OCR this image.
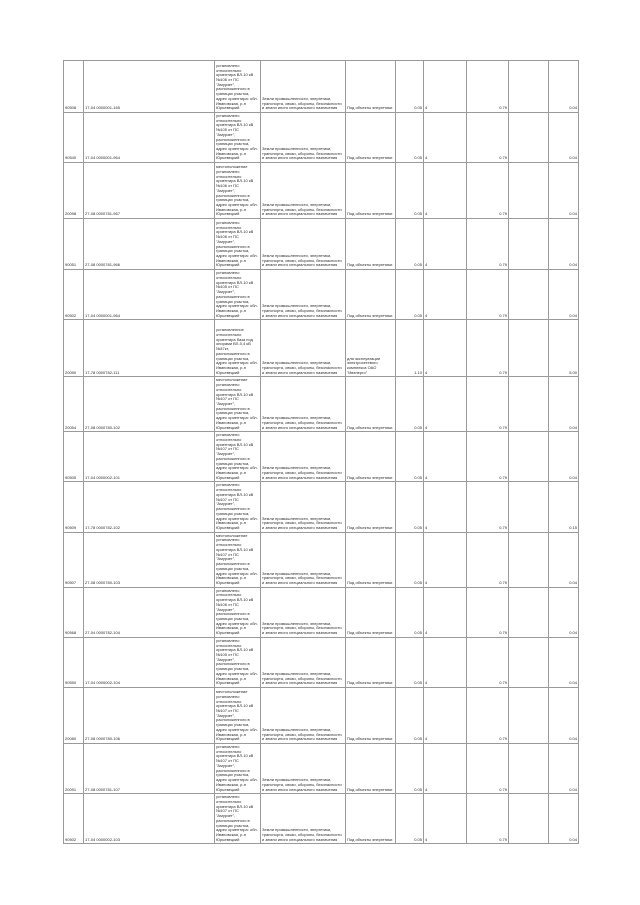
90508	17-04 0000001-165	установлено относительно ориентира ВЛ-10 кВ №106 от ПС "Амурзет", расположенного в границах участка, адрес ориентира: обл. Ивановская, р-н Юрьевецкий	Земли промышленности, энергетики, транспорта, связи, обороны, безопасности и земли иного специального назначения	Под объекты энергетики	0.05	4	0.79		0.04
90540	17-04 0000001-964	установлено относительно ориентира ВЛ-10 кВ №105 от ПС "Амурзет", расположенного в границах участка, адрес ориентира: обл. Ивановская, р-н Юрьевецкий	Земли промышленности, энергетики, транспорта, связи, обороны, безопасности и земли иного специального назначения	Под объекты энергетики	0.05	4	0.79		0.04
20098	27-08 0000781-967	местоположение установлено относительно ориентира ВЛ-10 кВ №106 от ПС "Амурзет", расположенного в границах участка, адрес ориентира: обл. Ивановская, р-н Юрьевецкий	Земли промышленности, энергетики, транспорта, связи, обороны, безопасности и земли иного специального назначения	Под объекты энергетики	0.05	4	0.79		0.04
90051	27-08 0000781-966	установлено относительно ориентира ВЛ-10 кВ №106 от ПС "Амурзет", расположенного в границах участка, адрес ориентира: обл. Ивановская, р-н Юрьевецкий	Земли промышленности, энергетики, транспорта, связи, обороны, безопасности и земли иного специального назначения	Под объекты энергетики	0.05	4	0.79		0.04
90502	17-04 0000001-964	установлено относительно ориентира ВЛ-10 кВ №105 от ПС "Амурзет", расположенного в границах участка, адрес ориентира: обл. Ивановская, р-н Юрьевецкий	Земли промышленности, энергетики, транспорта, связи, обороны, безопасности и земли иного специального назначения	Под объекты энергетики	0.05	4	0.79		0.04
20090	17-78 0000782-111	установленное относительно ориентира база под опорами ВЛ-0,4 кВ №37кт, расположенного в границах участка, адрес ориентира: обл. Ивановская, р-н Юрьевецкий	Земли промышленности, энергетики, транспорта, связи, обороны, безопасности и земли иного специального назначения	для эксплуатации электросетевого комплекса ОАО "Ивэнерго"	1.10	4	0.79		5.00
20054	27-08 0000780-102	местоположение установлено относительно ориентира ВЛ-10 кВ №107 от ПС "Амурзет", расположенного в границах участка, адрес ориентира: обл. Ивановская, р-н Юрьевецкий	Земли промышленности, энергетики, транспорта, связи, обороны, безопасности и земли иного специального назначения	Под объекты энергетики	0.05	4	0.79		0.04
90505	17-04 0000002-101	установлено относительно ориентира ВЛ-10 кВ №107 от ПС "Амурзет", расположенного в границах участка, адрес ориентира: обл. Ивановская, р-н Юрьевецкий	Земли промышленности, энергетики, транспорта, связи, обороны, безопасности и земли иного специального назначения	Под объекты энергетики	0.05	4	0.79		0.04
90509	17-78 0000782-102	установлено относительно ориентира ВЛ-10 кВ №107 от ПС "Амурзет", расположенного в границах участка, адрес ориентира: обл. Ивановская, р-н Юрьевецкий	Земли промышленности, энергетики, транспорта, связи, обороны, безопасности и земли иного специального назначения	Под объекты энергетики	0.05	4	0.79		0.15
90507	27-08 0000780-103	местоположение установлено относительно ориентира ВЛ-10 кВ №107 от ПС "Амурзет", расположенного в границах участка, адрес ориентира: обл. Ивановская, р-н Юрьевецкий	Земли промышленности, энергетики, транспорта, связи, обороны, безопасности и земли иного специального назначения	Под объекты энергетики	0.05	4	0.79		0.04
90568	27-04 0000782-104	установлено относительно ориентира ВЛ-10 кВ №106 от ПС "Амурзет", расположенного в границах участка, адрес ориентира: обл. Ивановская, р-н Юрьевецкий	Земли промышленности, энергетики, транспорта, связи, обороны, безопасности и земли иного специального назначения	Под объекты энергетики	0.05	4	0.79		0.04
90550	17-04 0000002-104	установлено относительно ориентира ВЛ-10 кВ №105 от ПС "Амурзет", расположенного в границах участка, адрес ориентира: обл. Ивановская, р-н Юрьевецкий	Земли промышленности, энергетики, транспорта, связи, обороны, безопасности и земли иного специального назначения	Под объекты энергетики	0.05	4	0.79		0.04
20080	27-08 0000780-106	местоположение установлено относительно ориентира ВЛ-10 кВ №107 от ПС "Амурзет", расположенного в границах участка, адрес ориентира: обл. Ивановская, р-н Юрьевецкий	Земли промышленности, энергетики, транспорта, связи, обороны, безопасности и земли иного специального назначения	Под объекты энергетики	0.05	4	0.79		0.04
20091	27-08 0000781-107	установлено относительно ориентира ВЛ-10 кВ №107 от ПС "Амурзет", расположенного в границах участка, адрес ориентира: обл. Ивановская, р-н Юрьевецкий	Земли промышленности, энергетики, транспорта, связи, обороны, безопасности и земли иного специального назначения	Под объекты энергетики	0.05	4	0.79		0.04
90502	17-04 0000002-103	установлено относительно ориентира ВЛ-10 кВ №107 от ПС "Амурзет", расположенного в границах участка, адрес ориентира: обл. Ивановская, р-н Юрьевецкий	Земли промышленности, энергетики, транспорта, связи, обороны, безопасности и земли иного специального назначения	Под объекты энергетики	0.05	4	0.79		0.04
